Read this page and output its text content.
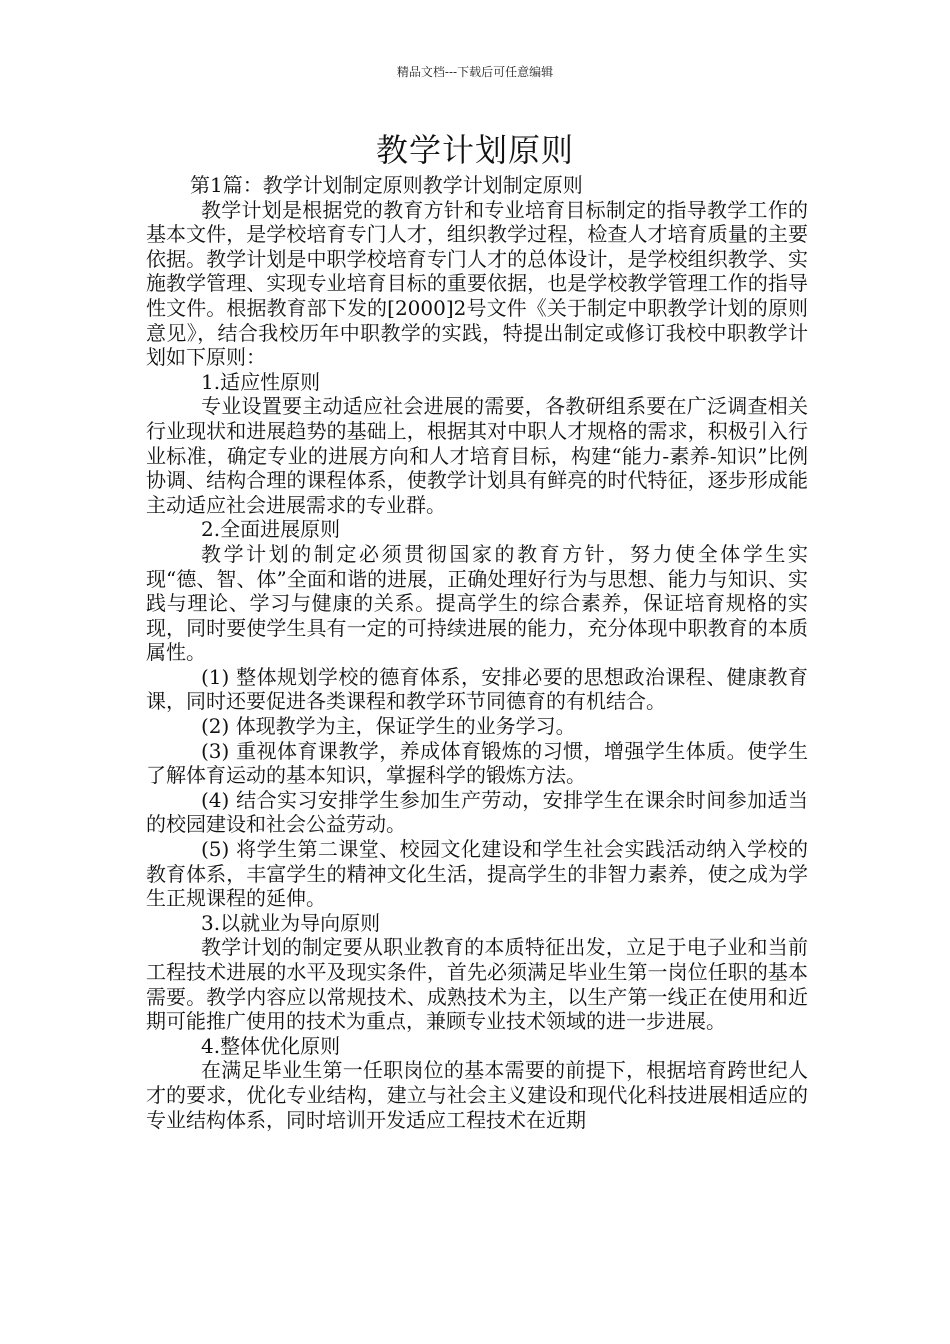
精品文档---下载后可任意编辑
教学计划原则

第1篇：教学计划制定原则教学计划制定原则

教学计划是根据党的教育方针和专业培育目标制定的指导教学工作的基本文件，是学校培育专门人才，组织教学过程，检查人才培育质量的主要依据。教学计划是中职学校培育专门人才的总体设计，是学校组织教学、实施教学管理、实现专业培育目标的重要依据，也是学校教学管理工作的指导性文件。根据教育部下发的[2000]2号文件《关于制定中职教学计划的原则意见》，结合我校历年中职教学的实践，特提出制定或修订我校中职教学计划如下原则：

1.适应性原则

专业设置要主动适应社会进展的需要，各教研组系要在广泛调查相关行业现状和进展趋势的基础上，根据其对中职人才规格的需求，积极引入行业标准，确定专业的进展方向和人才培育目标，构建“能力-素养-知识”比例协调、结构合理的课程体系，使教学计划具有鲜亮的时代特征，逐步形成能主动适应社会进展需求的专业群。

2.全面进展原则

教学计划的制定必须贯彻国家的教育方针，努力使全体学生实现“德、智、体”全面和谐的进展，正确处理好行为与思想、能力与知识、实践与理论、学习与健康的关系。提高学生的综合素养，保证培育规格的实现，同时要使学生具有一定的可持续进展的能力，充分体现中职教育的本质属性。

(1) 整体规划学校的德育体系，安排必要的思想政治课程、健康教育课，同时还要促进各类课程和教学环节同德育的有机结合。

(2) 体现教学为主，保证学生的业务学习。

(3) 重视体育课教学，养成体育锻炼的习惯，增强学生体质。使学生了解体育运动的基本知识，掌握科学的锻炼方法。

(4) 结合实习安排学生参加生产劳动，安排学生在课余时间参加适当的校园建设和社会公益劳动。

(5) 将学生第二课堂、校园文化建设和学生社会实践活动纳入学校的教育体系，丰富学生的精神文化生活，提高学生的非智力素养，使之成为学生正规课程的延伸。

3.以就业为导向原则

教学计划的制定要从职业教育的本质特征出发，立足于电子业和当前工程技术进展的水平及现实条件，首先必须满足毕业生第一岗位任职的基本需要。教学内容应以常规技术、成熟技术为主，以生产第一线正在使用和近期可能推广使用的技术为重点，兼顾专业技术领域的进一步进展。

4.整体优化原则

在满足毕业生第一任职岗位的基本需要的前提下，根据培育跨世纪人才的要求，优化专业结构，建立与社会主义建设和现代化科技进展相适应的专业结构体系，同时培训开发适应工程技术在近期
